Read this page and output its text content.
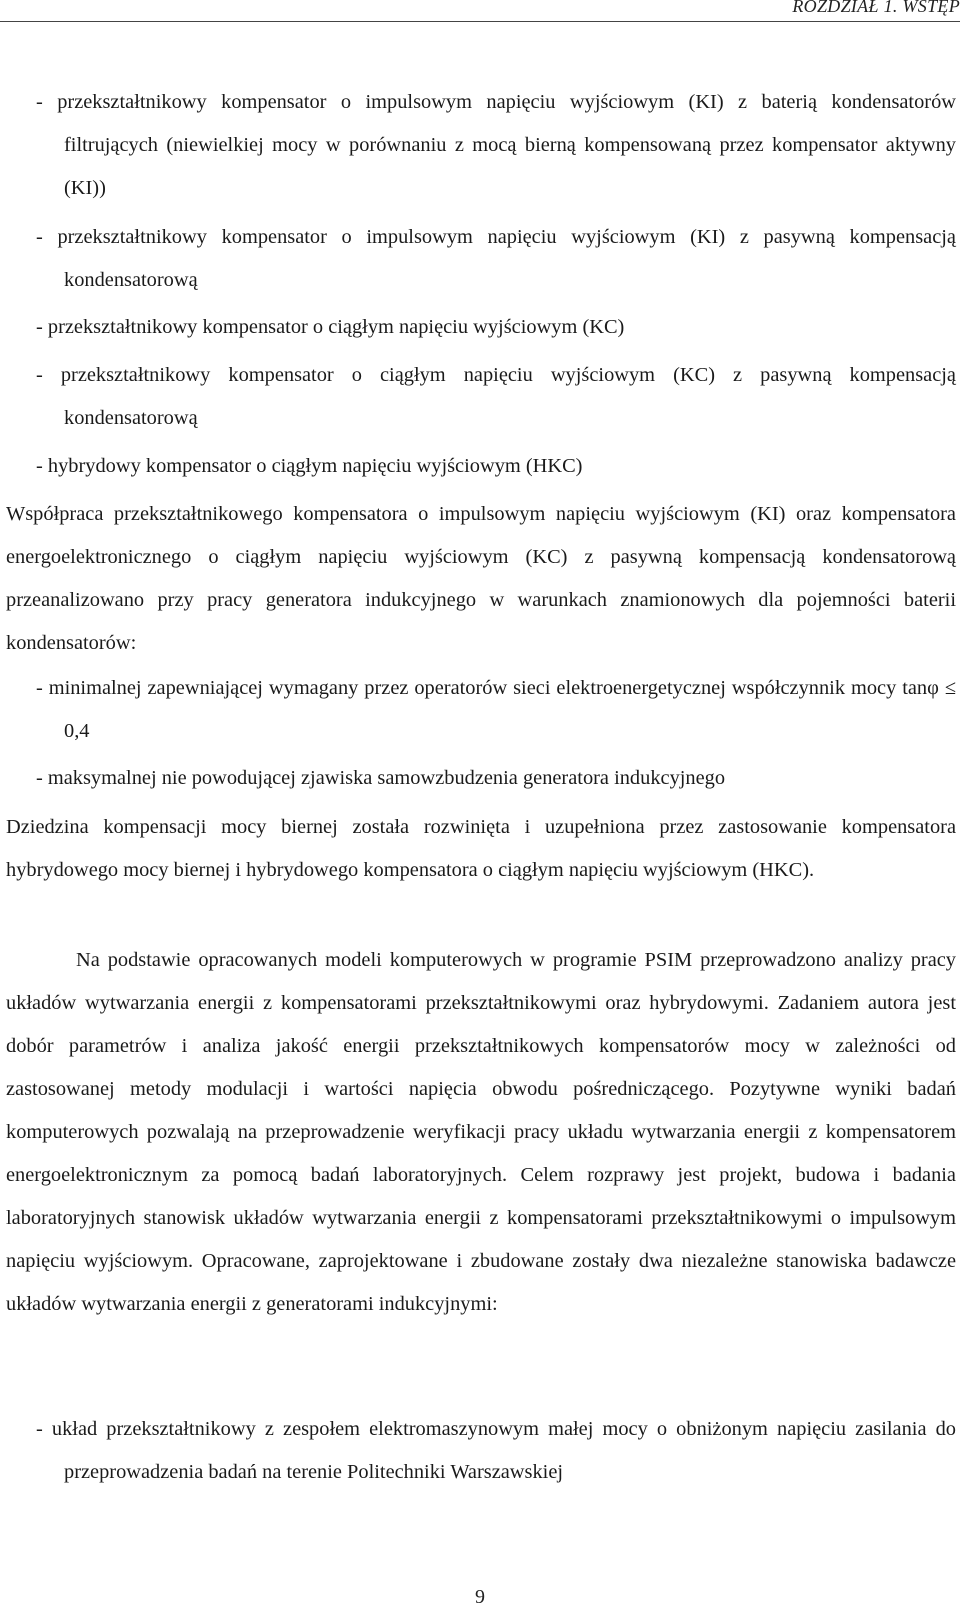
ROZDZIAŁ 1. WSTĘP
- przekształtnikowy kompensator o impulsowym napięciu wyjściowym (KI) z baterią kondensatorów filtrujących (niewielkiej mocy w porównaniu z mocą bierną kompensowaną przez kompensator aktywny (KI))
- przekształtnikowy kompensator o impulsowym napięciu wyjściowym (KI) z pasywną kompensacją kondensatorową
- przekształtnikowy kompensator o ciągłym napięciu wyjściowym (KC)
- przekształtnikowy kompensator o ciągłym napięciu wyjściowym (KC) z pasywną kompensacją kondensatorową
- hybrydowy kompensator o ciągłym napięciu wyjściowym (HKC)
Współpraca przekształtnikowego kompensatora o impulsowym napięciu wyjściowym (KI) oraz kompensatora energoelektronicznego o ciągłym napięciu wyjściowym (KC) z pasywną kompensacją kondensatorową przeanalizowano przy pracy generatora indukcyjnego w warunkach znamionowych dla pojemności baterii kondensatorów:
- minimalnej zapewniającej wymagany przez operatorów sieci elektroenergetycznej współczynnik mocy tanφ ≤ 0,4
- maksymalnej nie powodującej zjawiska samowzbudzenia generatora indukcyjnego
Dziedzina kompensacji mocy biernej została rozwinięta i uzupełniona przez zastosowanie kompensatora hybrydowego mocy biernej i hybrydowego kompensatora o ciągłym napięciu wyjściowym (HKC).
Na podstawie opracowanych modeli komputerowych w programie PSIM przeprowadzono analizy pracy układów wytwarzania energii z kompensatorami przekształtnikowymi oraz hybrydowymi. Zadaniem autora jest dobór parametrów i analiza jakość energii przekształtnikowych kompensatorów mocy w zależności od zastosowanej metody modulacji i wartości napięcia obwodu pośredniczącego. Pozytywne wyniki badań komputerowych pozwalają na przeprowadzenie weryfikacji pracy układu wytwarzania energii z kompensatorem energoelektronicznym za pomocą badań laboratoryjnych. Celem rozprawy jest projekt, budowa i badania laboratoryjnych stanowisk układów wytwarzania energii z kompensatorami przekształtnikowymi o impulsowym napięciu wyjściowym. Opracowane, zaprojektowane i zbudowane zostały dwa niezależne stanowiska badawcze układów wytwarzania energii z generatorami indukcyjnymi:
- układ przekształtnikowy z zespołem elektromaszynowym małej mocy o obniżonym napięciu zasilania do przeprowadzenia badań na terenie Politechniki Warszawskiej
9
